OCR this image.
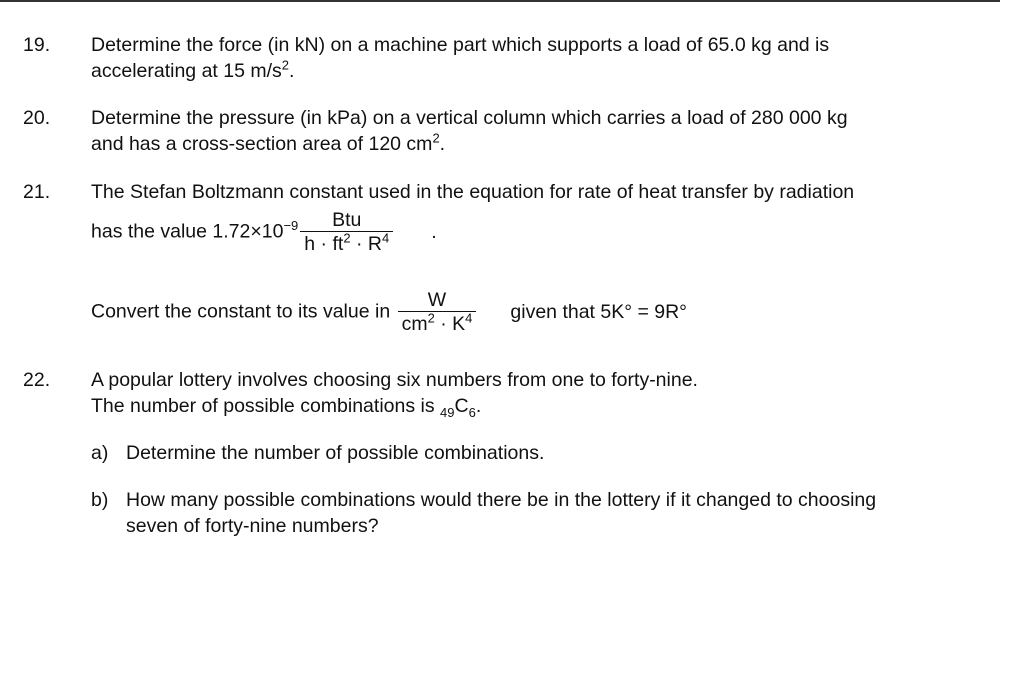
19. Determine the force (in kN) on a machine part which supports a load of 65.0 kg and is
accelerating at 15 $m/s^2$.
20. Determine the pressure (in kPa) on a vertical column which carries a load of 280 000 kg
and has a cross-section area of 120 $cm^2$.
21. The Stefan Boltzmann constant used in the equation for rate of heat transfer by radiation
has the value $1.72\times 10^{-9} \frac{\text{Btu}}{h \cdot ft^2 \cdot R^4}$ .
Convert the constant to its value in $\frac{W}{cm^2 \cdot K^4}$ given that 5K° = 9R°
22. A popular lottery involves choosing six numbers from one to forty-nine.
The number of possible combinations is $_{49}C_6$.
a) Determine the number of possible combinations.
b) How many possible combinations would there be in the lottery if it changed to choosing
seven of forty-nine numbers?
